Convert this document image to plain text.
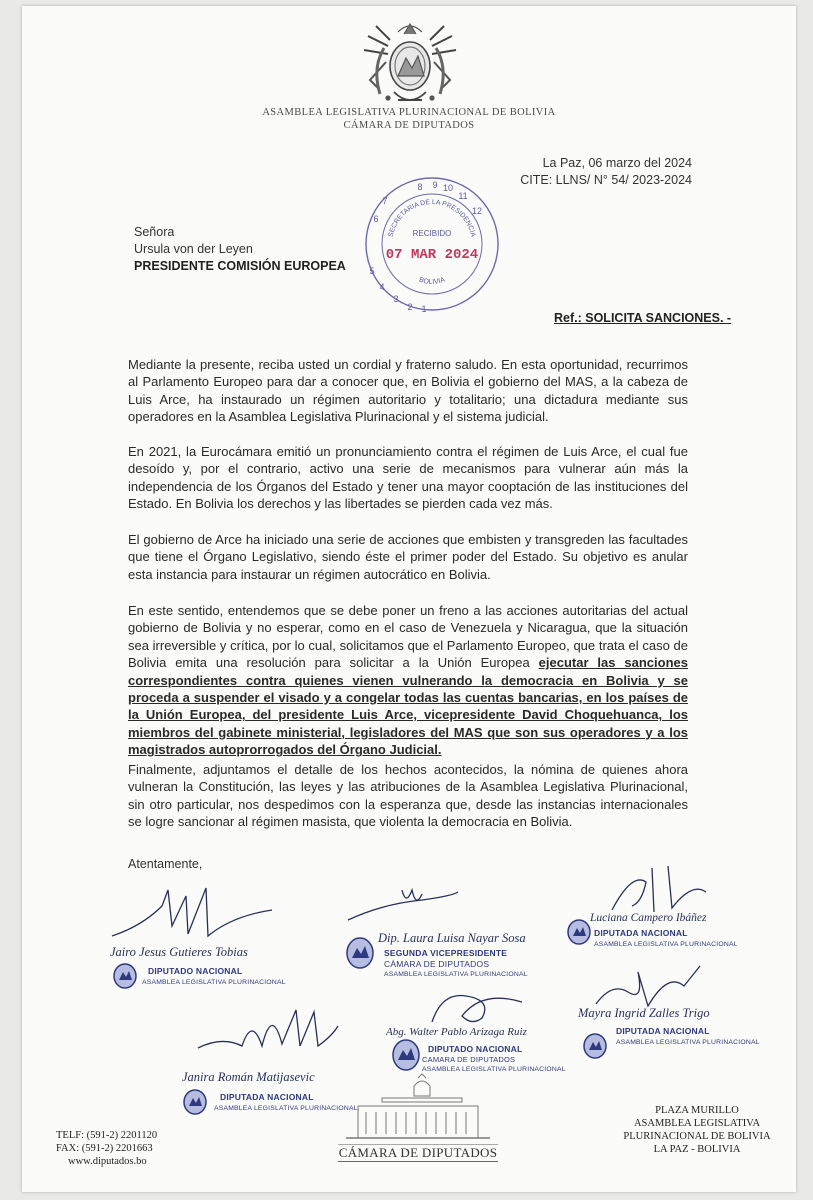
ASAMBLEA LEGISLATIVA PLURINACIONAL DE BOLIVIA
CÁMARA DE DIPUTADOS
La Paz, 06 marzo del 2024
CITE: LLNS/ N° 54/ 2023-2024
Señora
Ursula von der Leyen
PRESIDENTE COMISIÓN EUROPEA
8 9 10
11
12
7
6
5
4
3
2 1
SECRETARIA DE LA PRESIDENCIA
RECIBIDO
07 MAR 2024
BOLIVIA
Ref.: SOLICITA SANCIONES. -

Mediante la presente, reciba usted un cordial y fraterno saludo. En esta oportunidad, recurrimos al Parlamento Europeo para dar a conocer que, en Bolivia el gobierno del MAS, a la cabeza de Luis Arce, ha instaurado un régimen autoritario y totalitario; una dictadura mediante sus operadores en la Asamblea Legislativa Plurinacional y el sistema judicial.

En 2021, la Eurocámara emitió un pronunciamiento contra el régimen de Luis Arce, el cual fue desoído y, por el contrario, activo una serie de mecanismos para vulnerar aún más la independencia de los Órganos del Estado y tener una mayor cooptación de las instituciones del Estado. En Bolivia los derechos y las libertades se pierden cada vez más.

El gobierno de Arce ha iniciado una serie de acciones que embisten y transgreden las facultades que tiene el Órgano Legislativo, siendo éste el primer poder del Estado. Su objetivo es anular esta instancia para instaurar un régimen autocrático en Bolivia.

En este sentido, entendemos que se debe poner un freno a las acciones autoritarias del actual gobierno de Bolivia y no esperar, como en el caso de Venezuela y Nicaragua, que la situación sea irreversible y crítica, por lo cual, solicitamos que el Parlamento Europeo, que trata el caso de Bolivia emita una resolución para solicitar a la Unión Europea ejecutar las sanciones correspondientes contra quienes vienen vulnerando la democracia en Bolivia y se proceda a suspender el visado y a congelar todas las cuentas bancarias, en los países de la Unión Europea, del presidente Luis Arce, vicepresidente David Choquehuanca, los miembros del gabinete ministerial, legisladores del MAS que son sus operadores y a los magistrados autoprorrogados del Órgano Judicial.

Finalmente, adjuntamos el detalle de los hechos acontecidos, la nómina de quienes ahora vulneran la Constitución, las leyes y las atribuciones de la Asamblea Legislativa Plurinacional, sin otro particular, nos despedimos con la esperanza que, desde las instancias internacionales se logre sancionar al régimen masista, que violenta la democracia en Bolivia.

Atentamente,
Jairo Jesus Gutieres Tobias
DIPUTADO NACIONAL
ASAMBLEA LEGISLATIVA PLURINACIONAL
Dip. Laura Luisa Nayar Sosa
SEGUNDA VICEPRESIDENTE
CÁMARA DE DIPUTADOS
ASAMBLEA LEGISLATIVA PLURINACIONAL
Luciana Campero Ibáñez
DIPUTADA NACIONAL
ASAMBLEA LEGISLATIVA PLURINACIONAL
Abg. Walter Pablo Arizaga Ruiz
DIPUTADO NACIONAL
CAMARA DE DIPUTADOS
ASAMBLEA LEGISLATIVA PLURINACIONAL
Mayra Ingrid Zalles Trigo
DIPUTADA NACIONAL
ASAMBLEA LEGISLATIVA PLURINACIONAL
Janira Román Matijasevic
DIPUTADA NACIONAL
ASAMBLEA LEGISLATIVA PLURINACIONAL
TELF: (591-2) 2201120
FAX: (591-2) 2201663
www.diputados.bo
CÁMARA DE DIPUTADOS
PLAZA MURILLO
ASAMBLEA LEGISLATIVA
PLURINACIONAL DE BOLIVIA
LA PAZ - BOLIVIA
